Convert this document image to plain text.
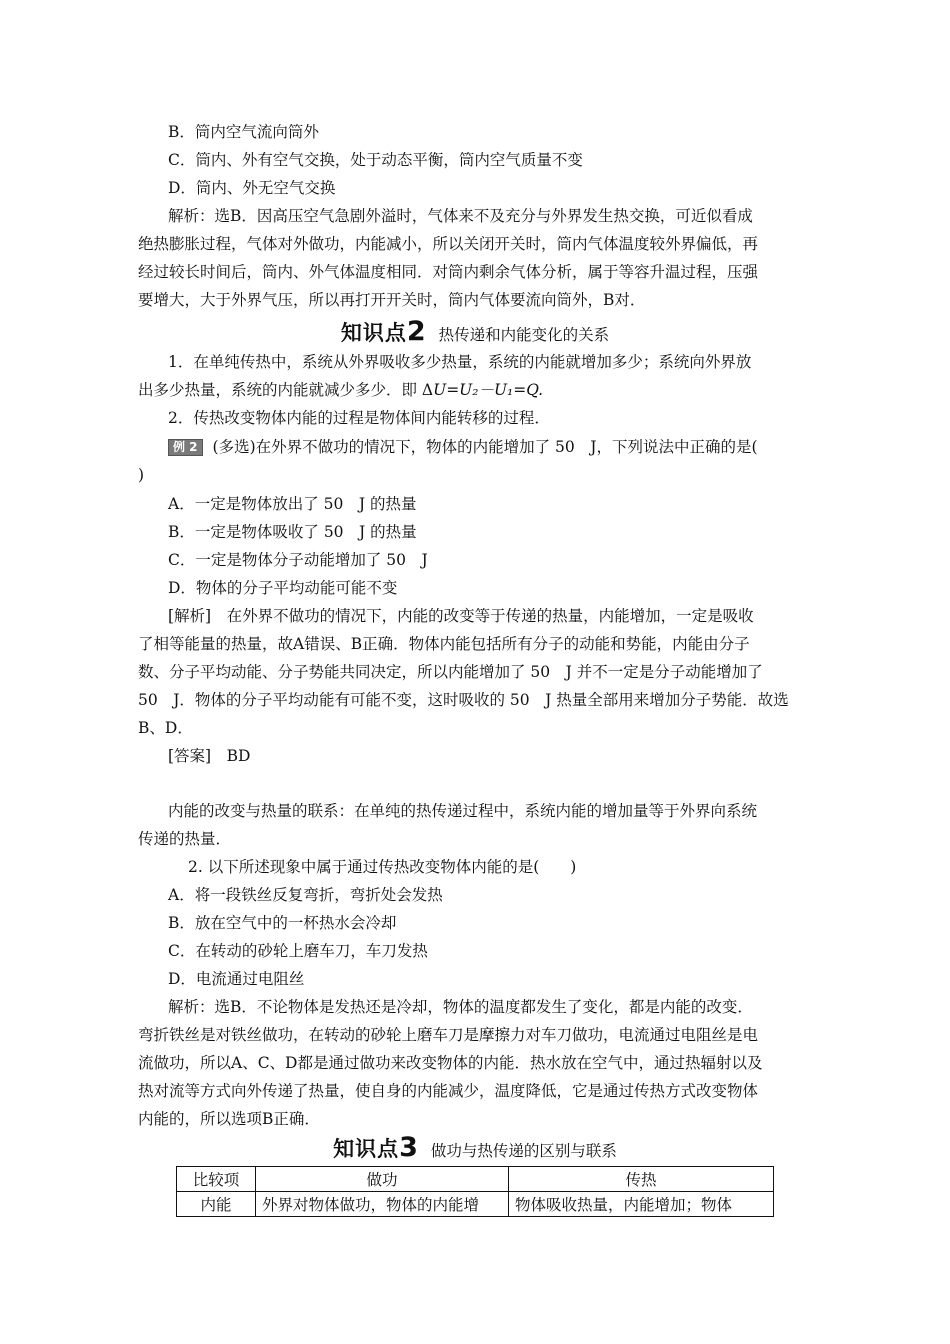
B．筒内空气流向筒外
C．筒内、外有空气交换，处于动态平衡，筒内空气质量不变
D．筒内、外无空气交换
解析：选B．因高压空气急剧外溢时，气体来不及充分与外界发生热交换，可近似看成
绝热膨胀过程，气体对外做功，内能减小，所以关闭开关时，筒内气体温度较外界偏低，再
经过较长时间后，筒内、外气体温度相同．对筒内剩余气体分析，属于等容升温过程，压强
要增大，大于外界气压，所以再打开开关时，筒内气体要流向筒外，B对．
知识点2 热传递和内能变化的关系
1．在单纯传热中，系统从外界吸收多少热量，系统的内能就增加多少；系统向外界放
出多少热量，系统的内能就减少多少．即 ΔU=U₂－U₁=Q.
2．传热改变物体内能的过程是物体间内能转移的过程．
例 2 (多选)在外界不做功的情况下，物体的内能增加了 50　J，下列说法中正确的是(
)
A．一定是物体放出了 50　J 的热量
B．一定是物体吸收了 50　J 的热量
C．一定是物体分子动能增加了 50　J
D．物体的分子平均动能可能不变
[解析]　在外界不做功的情况下，内能的改变等于传递的热量，内能增加，一定是吸收
了相等能量的热量，故A错误、B正确．物体内能包括所有分子的动能和势能，内能由分子
数、分子平均动能、分子势能共同决定，所以内能增加了 50　J 并不一定是分子动能增加了
50　J．物体的分子平均动能有可能不变，这时吸收的 50　J 热量全部用来增加分子势能．故选
B、D．
[答案]　BD
内能的改变与热量的联系：在单纯的热传递过程中，系统内能的增加量等于外界向系统
传递的热量．
2. 以下所述现象中属于通过传热改变物体内能的是(　　)
A．将一段铁丝反复弯折，弯折处会发热
B．放在空气中的一杯热水会冷却
C．在转动的砂轮上磨车刀，车刀发热
D．电流通过电阻丝
解析：选B．不论物体是发热还是冷却，物体的温度都发生了变化，都是内能的改变．
弯折铁丝是对铁丝做功，在转动的砂轮上磨车刀是摩擦力对车刀做功，电流通过电阻丝是电
流做功，所以A、C、D都是通过做功来改变物体的内能．热水放在空气中，通过热辐射以及
热对流等方式向外传递了热量，使自身的内能减少，温度降低，它是通过传热方式改变物体
内能的，所以选项B正确．
知识点3 做功与热传递的区别与联系
比较项	做功	传热
内能	外界对物体做功，物体的内能增	物体吸收热量，内能增加；物体
